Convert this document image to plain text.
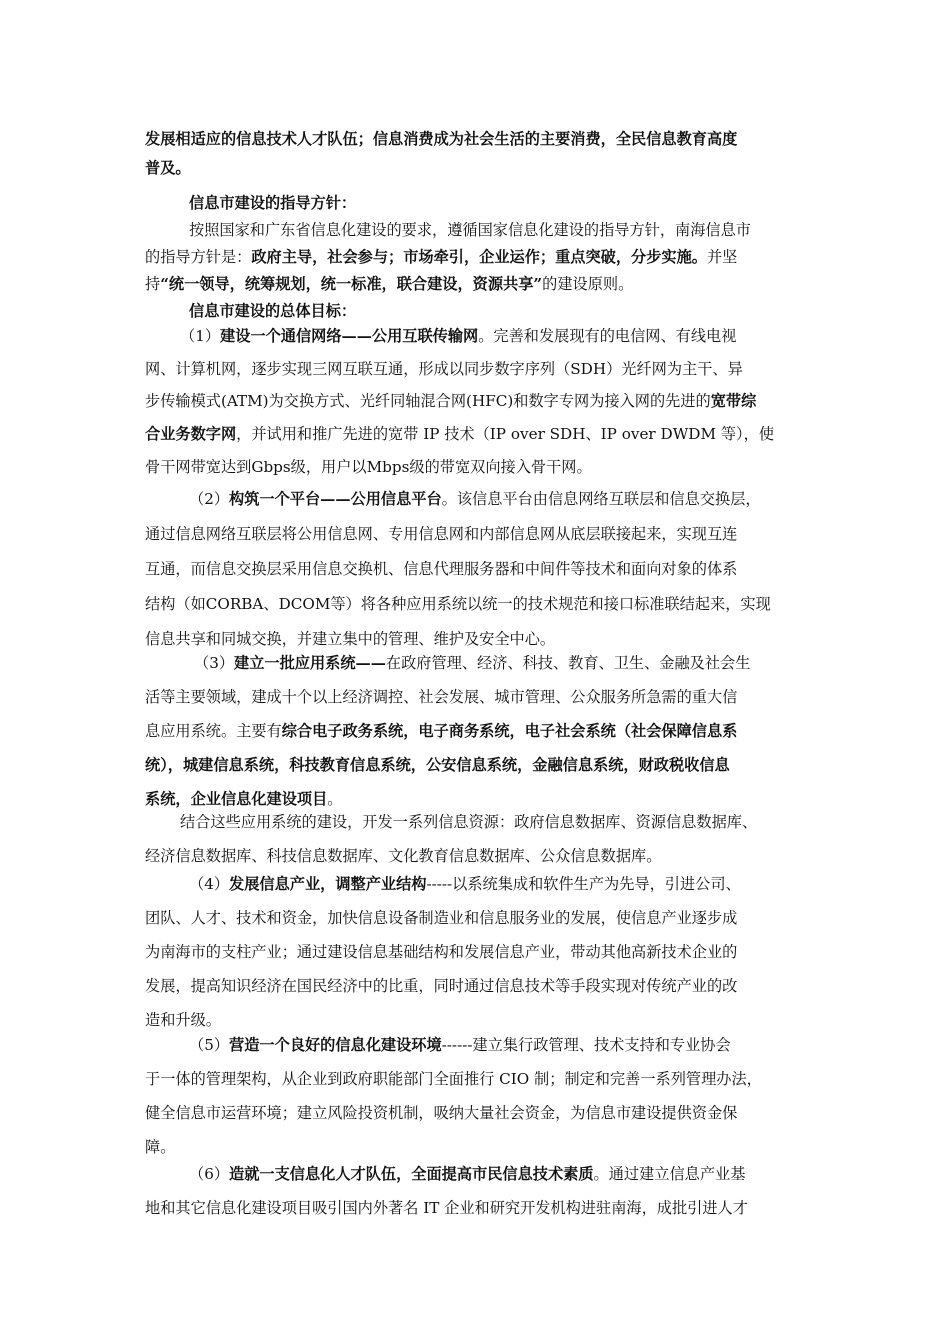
发展相适应的信息技术人才队伍；信息消费成为社会生活的主要消费，全民信息教育高度
普及。
信息市建设的指导方针：
按照国家和广东省信息化建设的要求，遵循国家信息化建设的指导方针，南海信息市
的指导方针是：政府主导，社会参与；市场牵引，企业运作；重点突破，分步实施。并坚
持“统一领导，统筹规划，统一标准，联合建设，资源共享”的建设原则。
信息市建设的总体目标：
（1）建设一个通信网络——公用互联传输网。完善和发展现有的电信网、有线电视
网、计算机网，逐步实现三网互联互通，形成以同步数字序列（SDH）光纤网为主干、异
步传输模式(ATM)为交换方式、光纤同轴混合网(HFC)和数字专网为接入网的先进的宽带综
合业务数字网，并试用和推广先进的宽带 IP 技术（IP over SDH、IP over DWDM 等），使
骨干网带宽达到Gbps级，用户以Mbps级的带宽双向接入骨干网。
（2）构筑一个平台——公用信息平台。该信息平台由信息网络互联层和信息交换层，
通过信息网络互联层将公用信息网、专用信息网和内部信息网从底层联接起来，实现互连
互通，而信息交换层采用信息交换机、信息代理服务器和中间件等技术和面向对象的体系
结构（如CORBA、DCOM等）将各种应用系统以统一的技术规范和接口标准联结起来，实现
信息共享和同城交换，并建立集中的管理、维护及安全中心。
（3）建立一批应用系统——在政府管理、经济、科技、教育、卫生、金融及社会生
活等主要领域，建成十个以上经济调控、社会发展、城市管理、公众服务所急需的重大信
息应用系统。主要有综合电子政务系统，电子商务系统，电子社会系统（社会保障信息系
统），城建信息系统，科技教育信息系统，公安信息系统，金融信息系统，财政税收信息
系统，企业信息化建设项目。
结合这些应用系统的建设，开发一系列信息资源：政府信息数据库、资源信息数据库、
经济信息数据库、科技信息数据库、文化教育信息数据库、公众信息数据库。
（4）发展信息产业，调整产业结构-----以系统集成和软件生产为先导，引进公司、
团队、人才、技术和资金，加快信息设备制造业和信息服务业的发展，使信息产业逐步成
为南海市的支柱产业；通过建设信息基础结构和发展信息产业，带动其他高新技术企业的
发展，提高知识经济在国民经济中的比重，同时通过信息技术等手段实现对传统产业的改
造和升级。
（5）营造一个良好的信息化建设环境------建立集行政管理、技术支持和专业协会
于一体的管理架构，从企业到政府职能部门全面推行 CIO 制；制定和完善一系列管理办法，
健全信息市运营环境；建立风险投资机制，吸纳大量社会资金，为信息市建设提供资金保
障。
（6）造就一支信息化人才队伍，全面提高市民信息技术素质。通过建立信息产业基
地和其它信息化建设项目吸引国内外著名 IT 企业和研究开发机构进驻南海，成批引进人才
